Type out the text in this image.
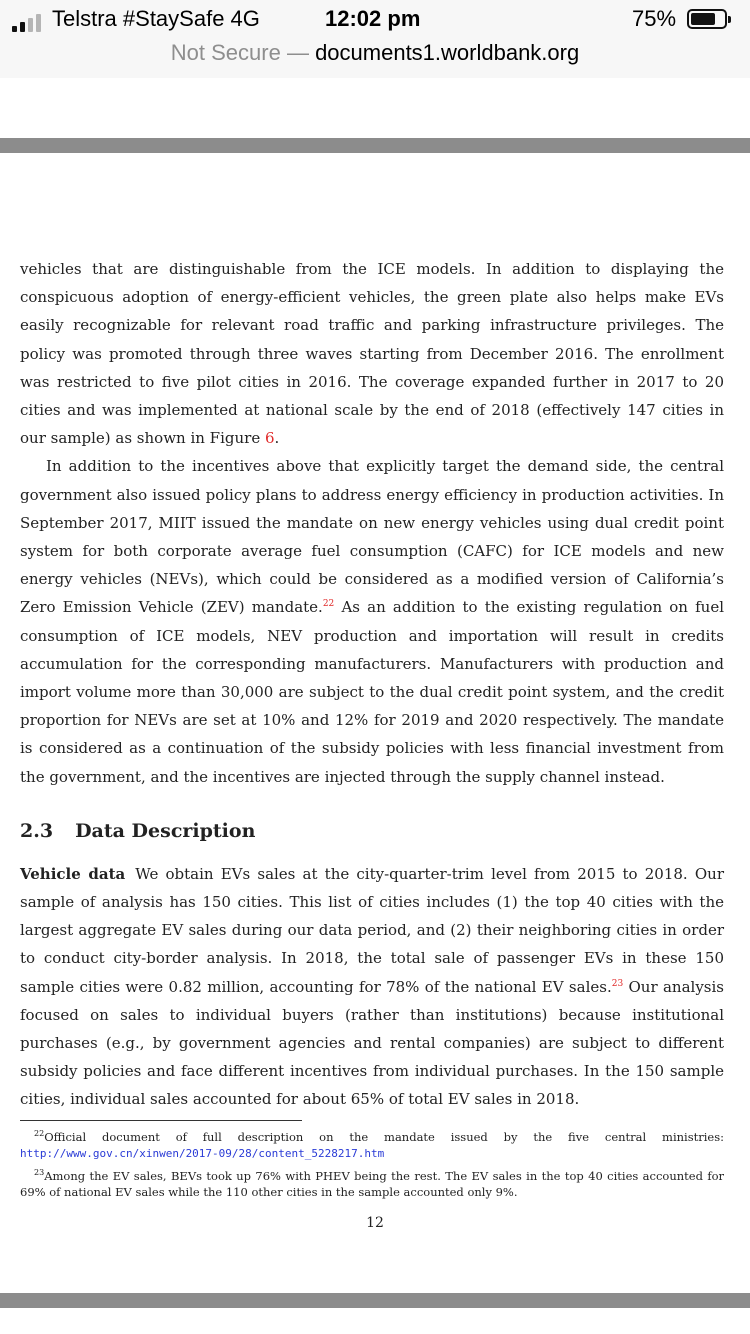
Telstra #StaySafe 4G	12:02 pm	75%
Not Secure — documents1.worldbank.org

vehicles that are distinguishable from the ICE models. In addition to displaying the conspicuous adoption of energy-efficient vehicles, the green plate also helps make EVs easily recognizable for relevant road traffic and parking infrastructure privileges. The policy was promoted through three waves starting from December 2016. The enrollment was restricted to five pilot cities in 2016. The coverage expanded further in 2017 to 20 cities and was implemented at national scale by the end of 2018 (effectively 147 cities in our sample) as shown in Figure 6.

In addition to the incentives above that explicitly target the demand side, the central government also issued policy plans to address energy efficiency in production activities. In September 2017, MIIT issued the mandate on new energy vehicles using dual credit point system for both corporate average fuel consumption (CAFC) for ICE models and new energy vehicles (NEVs), which could be considered as a modified version of California’s Zero Emission Vehicle (ZEV) mandate.$^{22}$ As an addition to the existing regulation on fuel consumption of ICE models, NEV production and importation will result in credits accumulation for the corresponding manufacturers. Manufacturers with production and import volume more than 30,000 are subject to the dual credit point system, and the credit proportion for NEVs are set at 10% and 12% for 2019 and 2020 respectively. The mandate is considered as a continuation of the subsidy policies with less financial investment from the government, and the incentives are injected through the supply channel instead.

2.3 Data Description

Vehicle data We obtain EVs sales at the city-quarter-trim level from 2015 to 2018. Our sample of analysis has 150 cities. This list of cities includes (1) the top 40 cities with the largest aggregate EV sales during our data period, and (2) their neighboring cities in order to conduct city-border analysis. In 2018, the total sale of passenger EVs in these 150 sample cities were 0.82 million, accounting for 78% of the national EV sales.$^{23}$ Our analysis focused on sales to individual buyers (rather than institutions) because institutional purchases (e.g., by government agencies and rental companies) are subject to different subsidy policies and face different incentives from individual purchases. In the 150 sample cities, individual sales accounted for about 65% of total EV sales in 2018.

$^{22}$Official document of full description on the mandate issued by the five central ministries: http://www.gov.cn/xinwen/2017-09/28/content_5228217.htm

$^{23}$Among the EV sales, BEVs took up 76% with PHEV being the rest. The EV sales in the top 40 cities accounted for 69% of national EV sales while the 110 other cities in the sample accounted only 9%.

12
